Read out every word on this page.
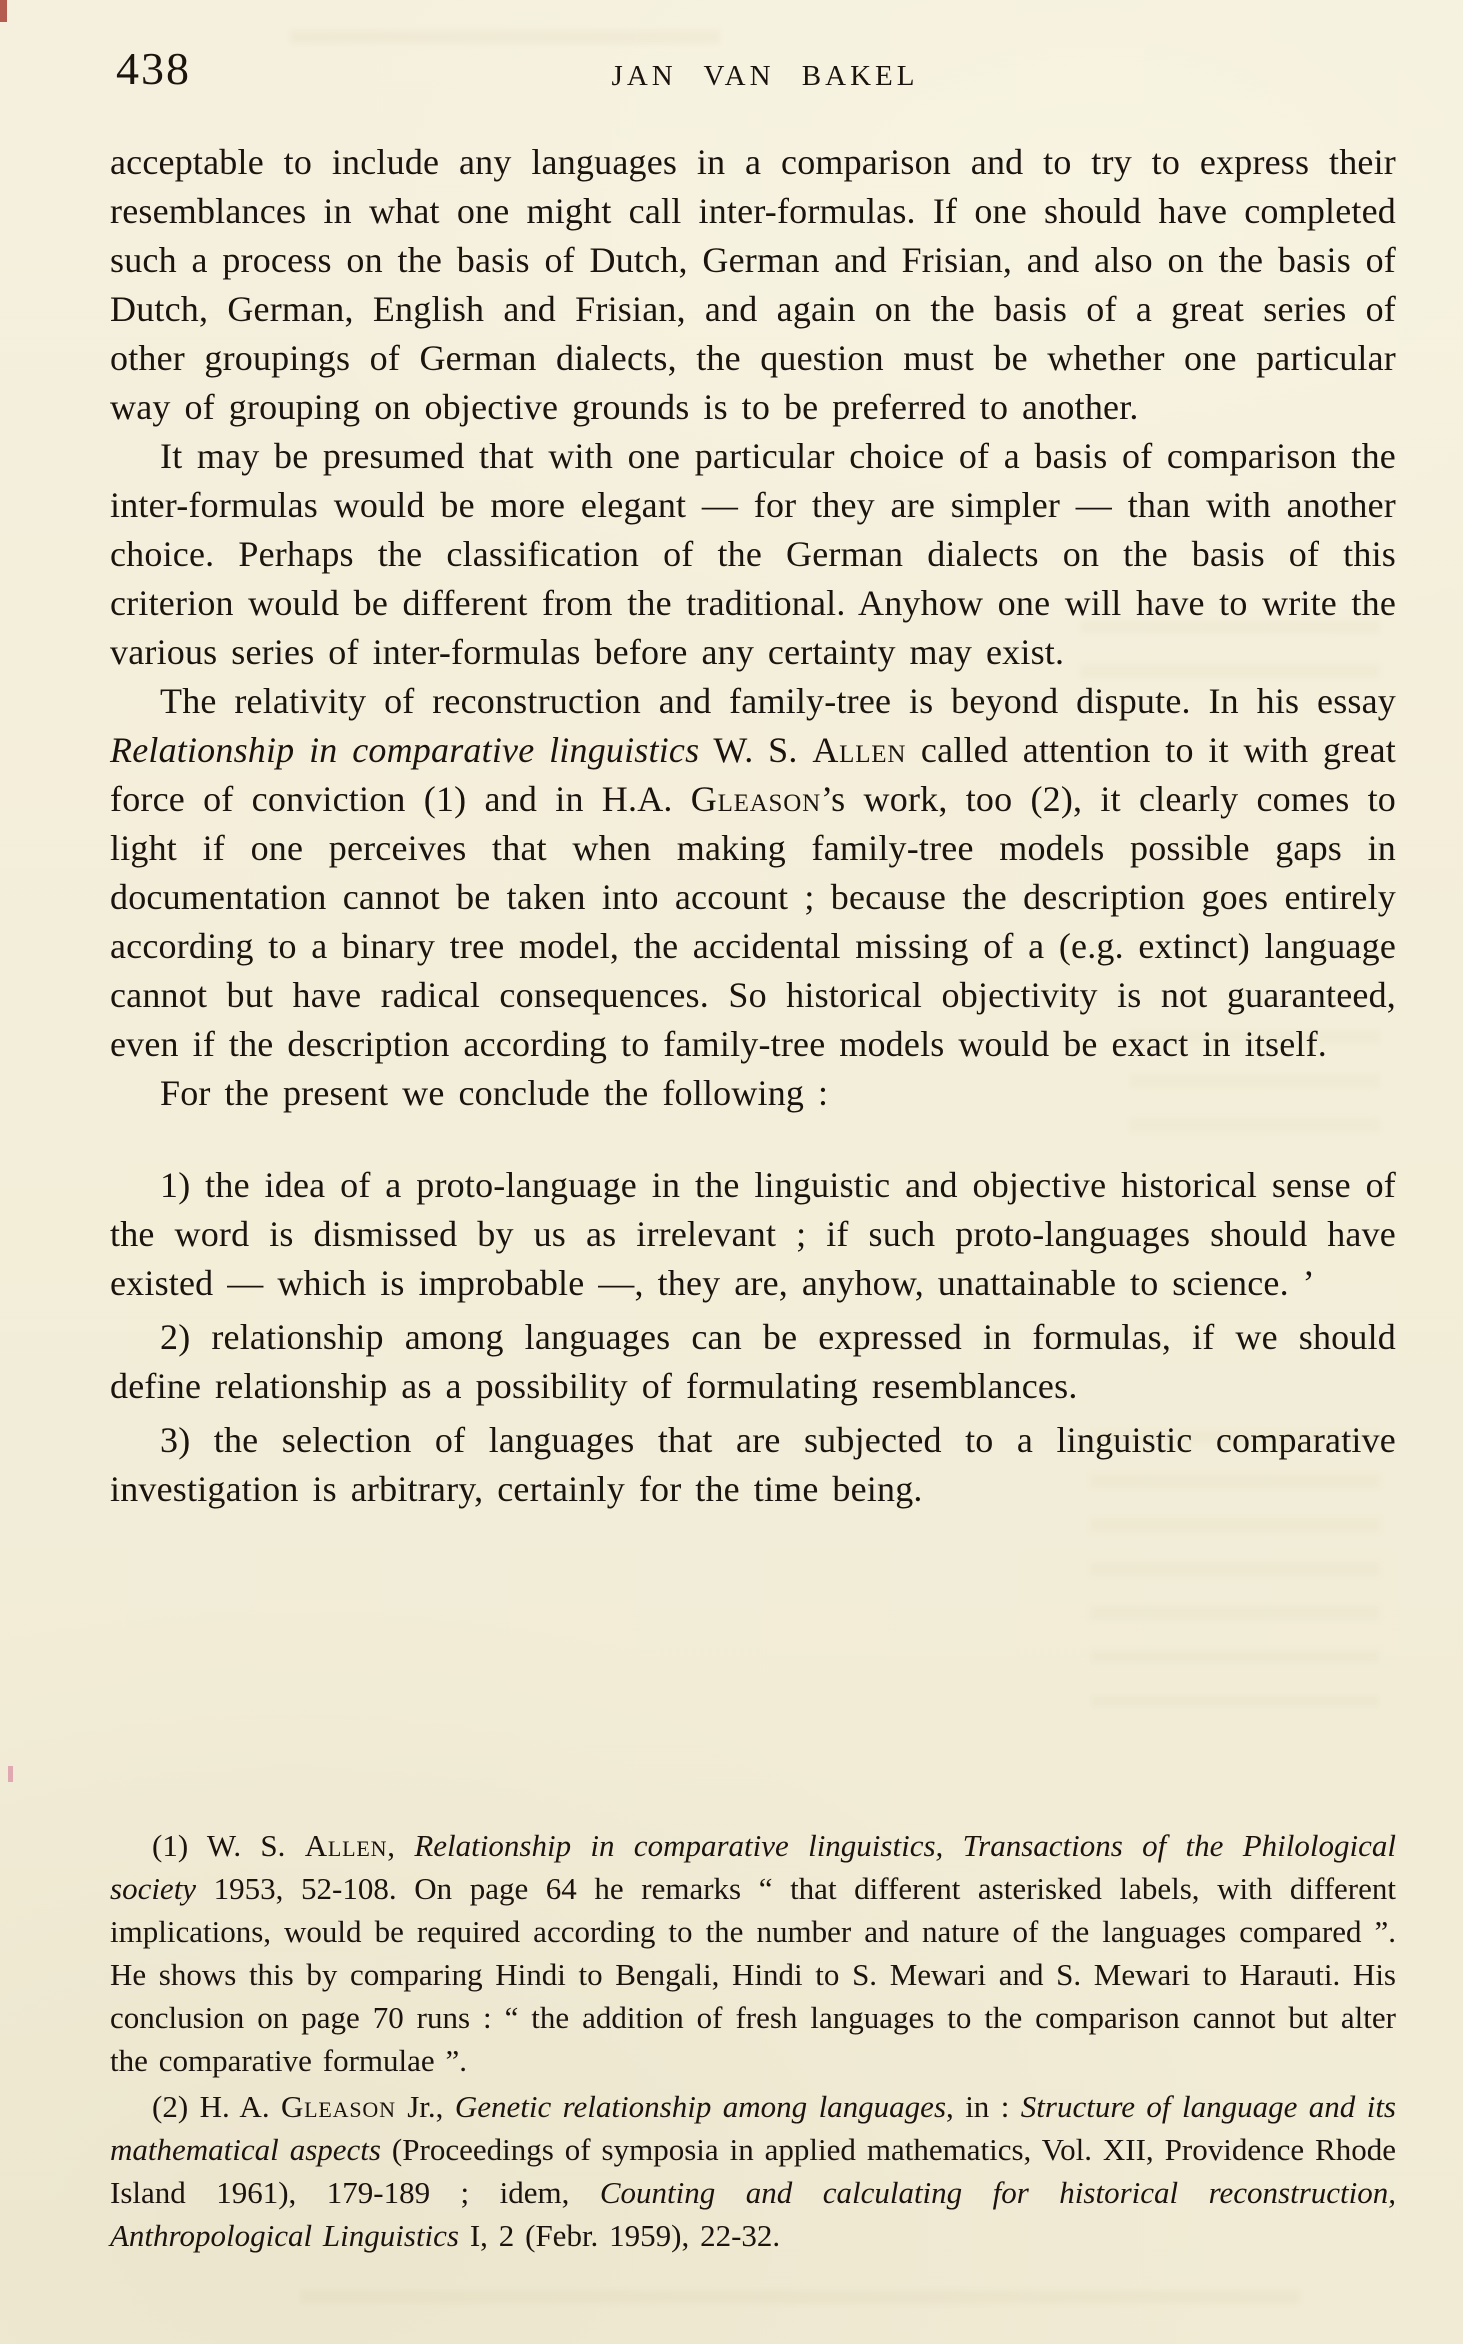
438	JAN VAN BAKEL

acceptable to include any languages in a comparison and to try to express their resemblances in what one might call inter-formulas. If one should have completed such a process on the basis of Dutch, German and Frisian, and also on the basis of Dutch, German, English and Frisian, and again on the basis of a great series of other groupings of German dialects, the question must be whether one particular way of grouping on objective grounds is to be preferred to another.

It may be presumed that with one particular choice of a basis of comparison the inter-formulas would be more elegant — for they are simpler — than with another choice. Perhaps the classification of the German dialects on the basis of this criterion would be different from the traditional. Anyhow one will have to write the various series of inter-formulas before any certainty may exist.

The relativity of reconstruction and family-tree is beyond dispute. In his essay Relationship in comparative linguistics W. S. Allen called attention to it with great force of conviction (1) and in H.A. Gleason’s work, too (2), it clearly comes to light if one perceives that when making family-tree models possible gaps in documentation cannot be taken into account ; because the description goes entirely according to a binary tree model, the accidental missing of a (e.g. extinct) language cannot but have radical consequences. So historical objectivity is not guaranteed, even if the description according to family-tree models would be exact in itself.

For the present we conclude the following :

1) the idea of a proto-language in the linguistic and objective historical sense of the word is dismissed by us as irrelevant ; if such proto-languages should have existed — which is improbable —, they are, anyhow, unattainable to science. ’

2) relationship among languages can be expressed in formulas, if we should define relationship as a possibility of formulating resemblances.

3) the selection of languages that are subjected to a linguistic comparative investigation is arbitrary, certainly for the time being.

(1) W. S. Allen, Relationship in comparative linguistics, Transactions of the Philological society 1953, 52-108. On page 64 he remarks “ that different asterisked labels, with different implications, would be required according to the number and nature of the languages compared ”. He shows this by comparing Hindi to Bengali, Hindi to S. Mewari and S. Mewari to Harauti. His conclusion on page 70 runs : “ the addition of fresh languages to the comparison cannot but alter the comparative formulae ”.

(2) H. A. Gleason Jr., Genetic relationship among languages, in : Structure of language and its mathematical aspects (Proceedings of symposia in applied mathematics, Vol. XII, Providence Rhode Island 1961), 179-189 ; idem, Counting and calculating for historical reconstruction, Anthropological Linguistics I, 2 (Febr. 1959), 22-32.
